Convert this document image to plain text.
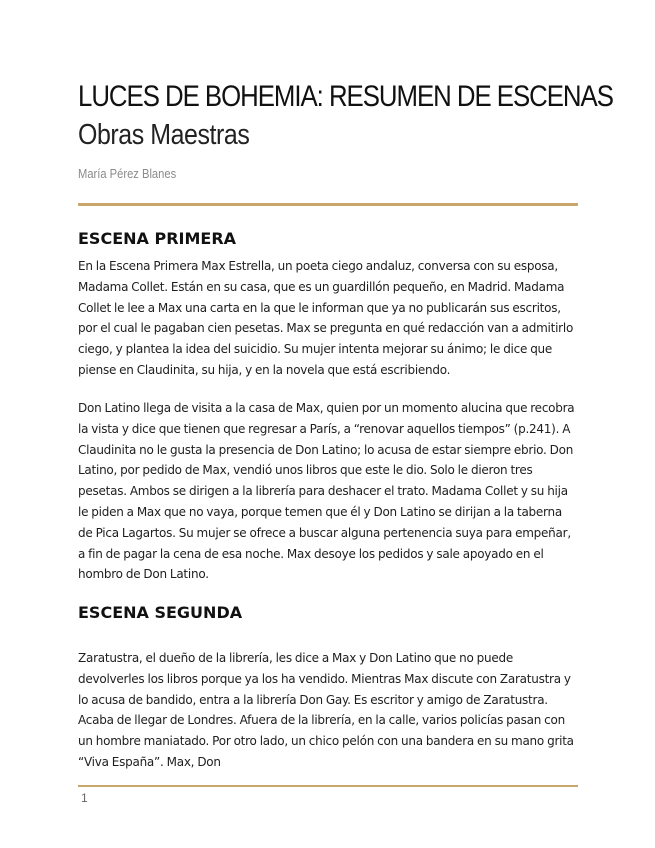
LUCES DE BOHEMIA: RESUMEN DE ESCENAS
Obras Maestras
María Pérez Blanes
ESCENA PRIMERA

En la Escena Primera Max Estrella, un poeta ciego andaluz, conversa con su esposa, Madama Collet. Están en su casa, que es un guardillón pequeño, en Madrid. Madama Collet le lee a Max una carta en la que le informan que ya no publicarán sus escritos, por el cual le pagaban cien pesetas. Max se pregunta en qué redacción van a admitirlo ciego, y plantea la idea del suicidio. Su mujer intenta mejorar su ánimo; le dice que piense en Claudinita, su hija, y en la novela que está escribiendo.

Don Latino llega de visita a la casa de Max, quien por un momento alucina que recobra la vista y dice que tienen que regresar a París, a “renovar aquellos tiempos” (p.241). A Claudinita no le gusta la presencia de Don Latino; lo acusa de estar siempre ebrio. Don Latino, por pedido de Max, vendió unos libros que este le dio. Solo le dieron tres pesetas. Ambos se dirigen a la librería para deshacer el trato. Madama Collet y su hija le piden a Max que no vaya, porque temen que él y Don Latino se dirijan a la taberna de Pica Lagartos. Su mujer se ofrece a buscar alguna pertenencia suya para empeñar, a fin de pagar la cena de esa noche. Max desoye los pedidos y sale apoyado en el hombro de Don Latino.

ESCENA SEGUNDA

Zaratustra, el dueño de la librería, les dice a Max y Don Latino que no puede devolverles los libros porque ya los ha vendido. Mientras Max discute con Zaratustra y lo acusa de bandido, entra a la librería Don Gay. Es escritor y amigo de Zaratustra. Acaba de llegar de Londres. Afuera de la librería, en la calle, varios policías pasan con un hombre maniatado. Por otro lado, un chico pelón con una bandera en su mano grita “Viva España”. Max, Don

1
